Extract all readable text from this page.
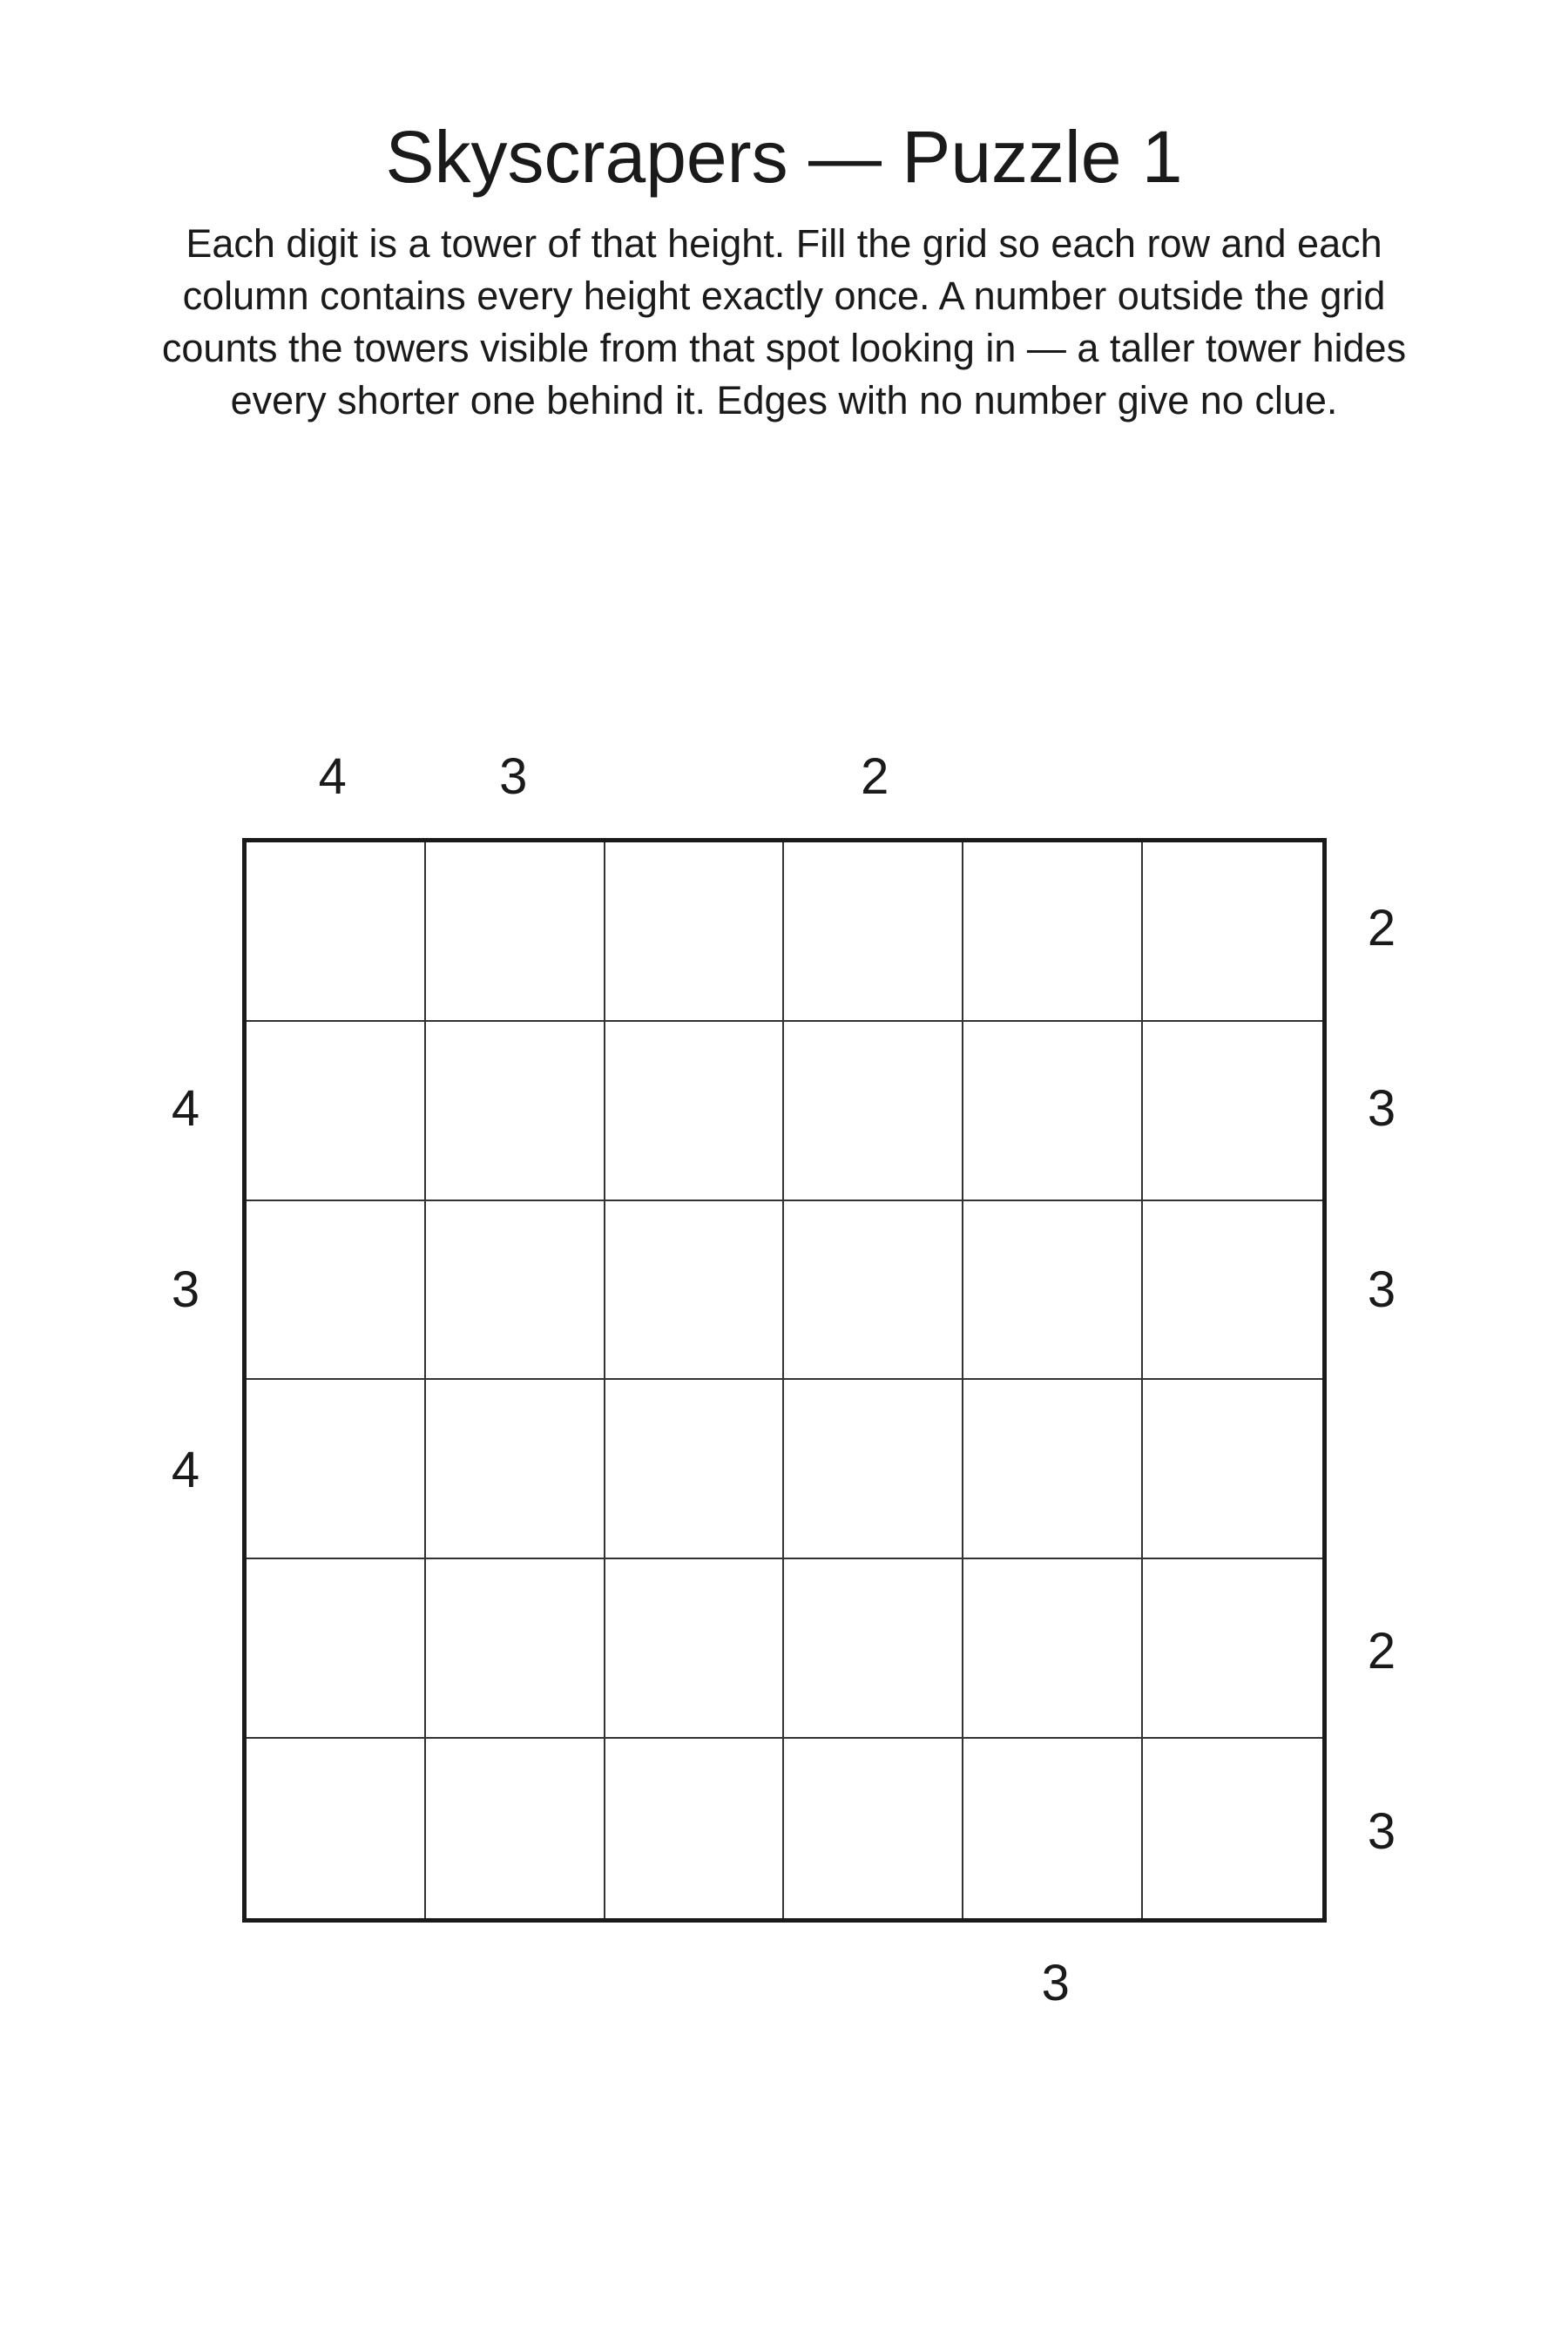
Skyscrapers — Puzzle 1

Each digit is a tower of that height. Fill the grid so each row and each column contains every height exactly once. A number outside the grid counts the towers visible from that spot looking in — a taller tower hides every shorter one behind it. Edges with no number give no clue.

4	3	2
3
4
3
4
2
3
3
2
3
